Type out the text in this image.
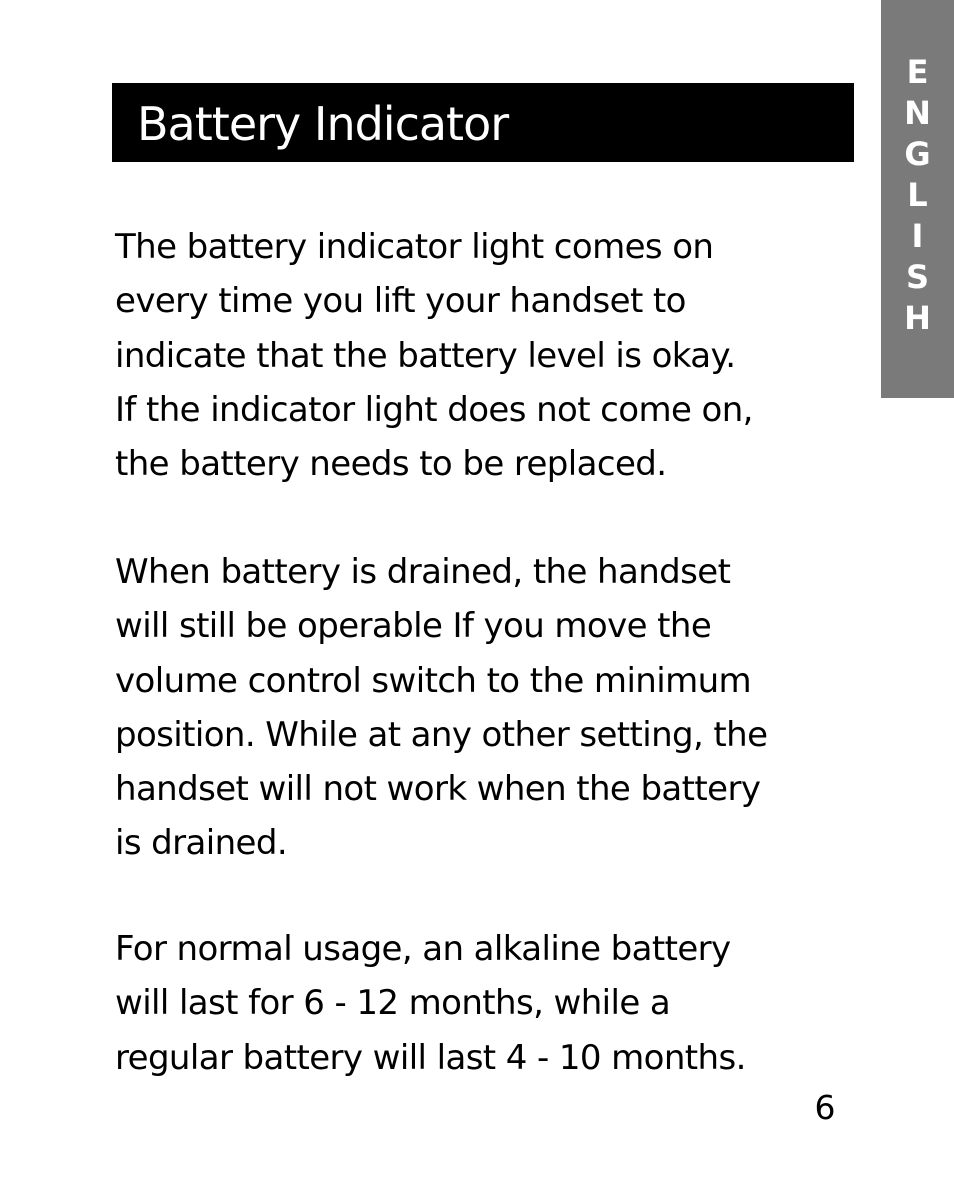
E
N
G
L
I
S
H
Battery Indicator

The battery indicator light comes on
every time you lift your handset to
indicate that the battery level is okay.
If the indicator light does not come on,
the battery needs to be replaced.

When battery is drained, the handset
will still be operable If you move the
volume control switch to the minimum
position. While at any other setting, the
handset will not work when the battery
is drained.

For normal usage, an alkaline battery
will last for 6 - 12 months, while a
regular battery will last 4 - 10 months.

6
